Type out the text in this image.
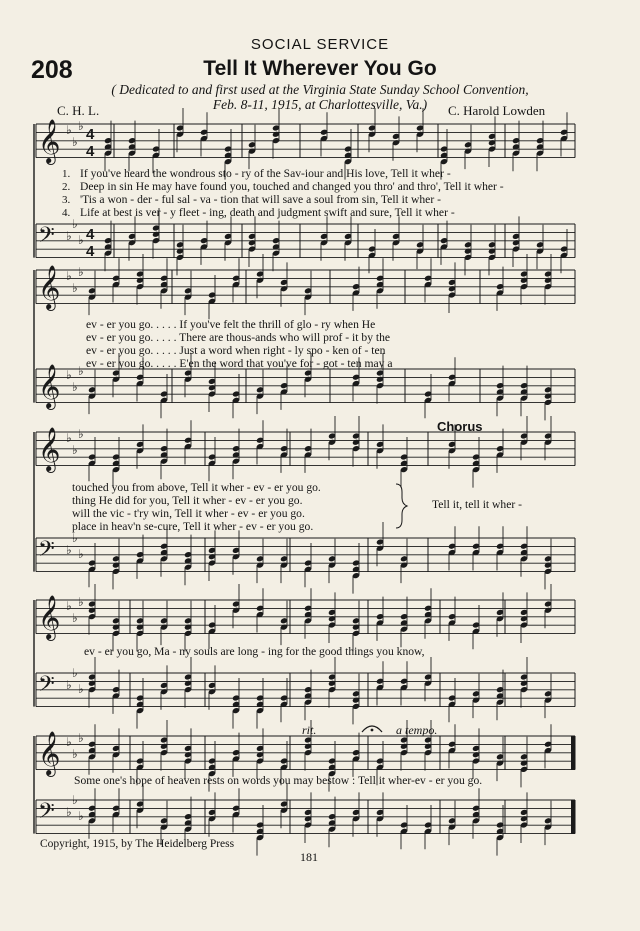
SOCIAL SERVICE
208	Tell It Wherever You Go
( Dedicated to and first used at the Virginia State Sunday School Convention,
Feb. 8-11, 1915, at Charlottesville, Va.)
C. H. L.	C. Harold Lowden
𝄞 ♭
♭
♭ 4
4
𝄢 ♭
♭
♭ 4
4
𝄞 ♭
♭
♭
𝄞 ♭
♭
♭
𝄞 ♭
♭
♭
𝄢 ♭
♭
♭
𝄞 ♭
♭
♭
𝄢 ♭
♭
♭
𝄞 ♭
♭
♭
𝄢 ♭
♭
♭
1. If you've heard the wondrous sto - ry of the Sav-iour and His love, Tell it wher -
2. Deep in sin He may have found you, touched and changed you thro' and thro', Tell it wher -
3. 'Tis a won - der - ful sal - va - tion that will save a soul from sin, Tell it wher -
4. Life at best is ver - y fleet - ing, death and judgment swift and sure, Tell it wher -
ev - er you go. . . . . If you've felt the thrill of glo - ry when He
ev - er you go. . . . . There are thous-ands who will prof - it by the
ev - er you go. . . . . Just a word when right - ly spo - ken of - ten
ev - er you go. . . . . E'en the word that you've for - got - ten may a
Chorus
touched you from above, Tell it wher - ev - er you go.
thing He did for you, Tell it wher - ev - er you go.
will the vic - t'ry win, Tell it wher - ev - er you go.
place in heav'n se-cure, Tell it wher - ev - er you go.
Tell it, tell it wher -
ev - er you go, Ma - ny souls are long - ing for the good things you know,
rit.	a tempo.
Some one's hope of heaven rests on words you may bestow : Tell it wher-ev - er you go.
Copyright, 1915, by The Heidelberg Press
181
